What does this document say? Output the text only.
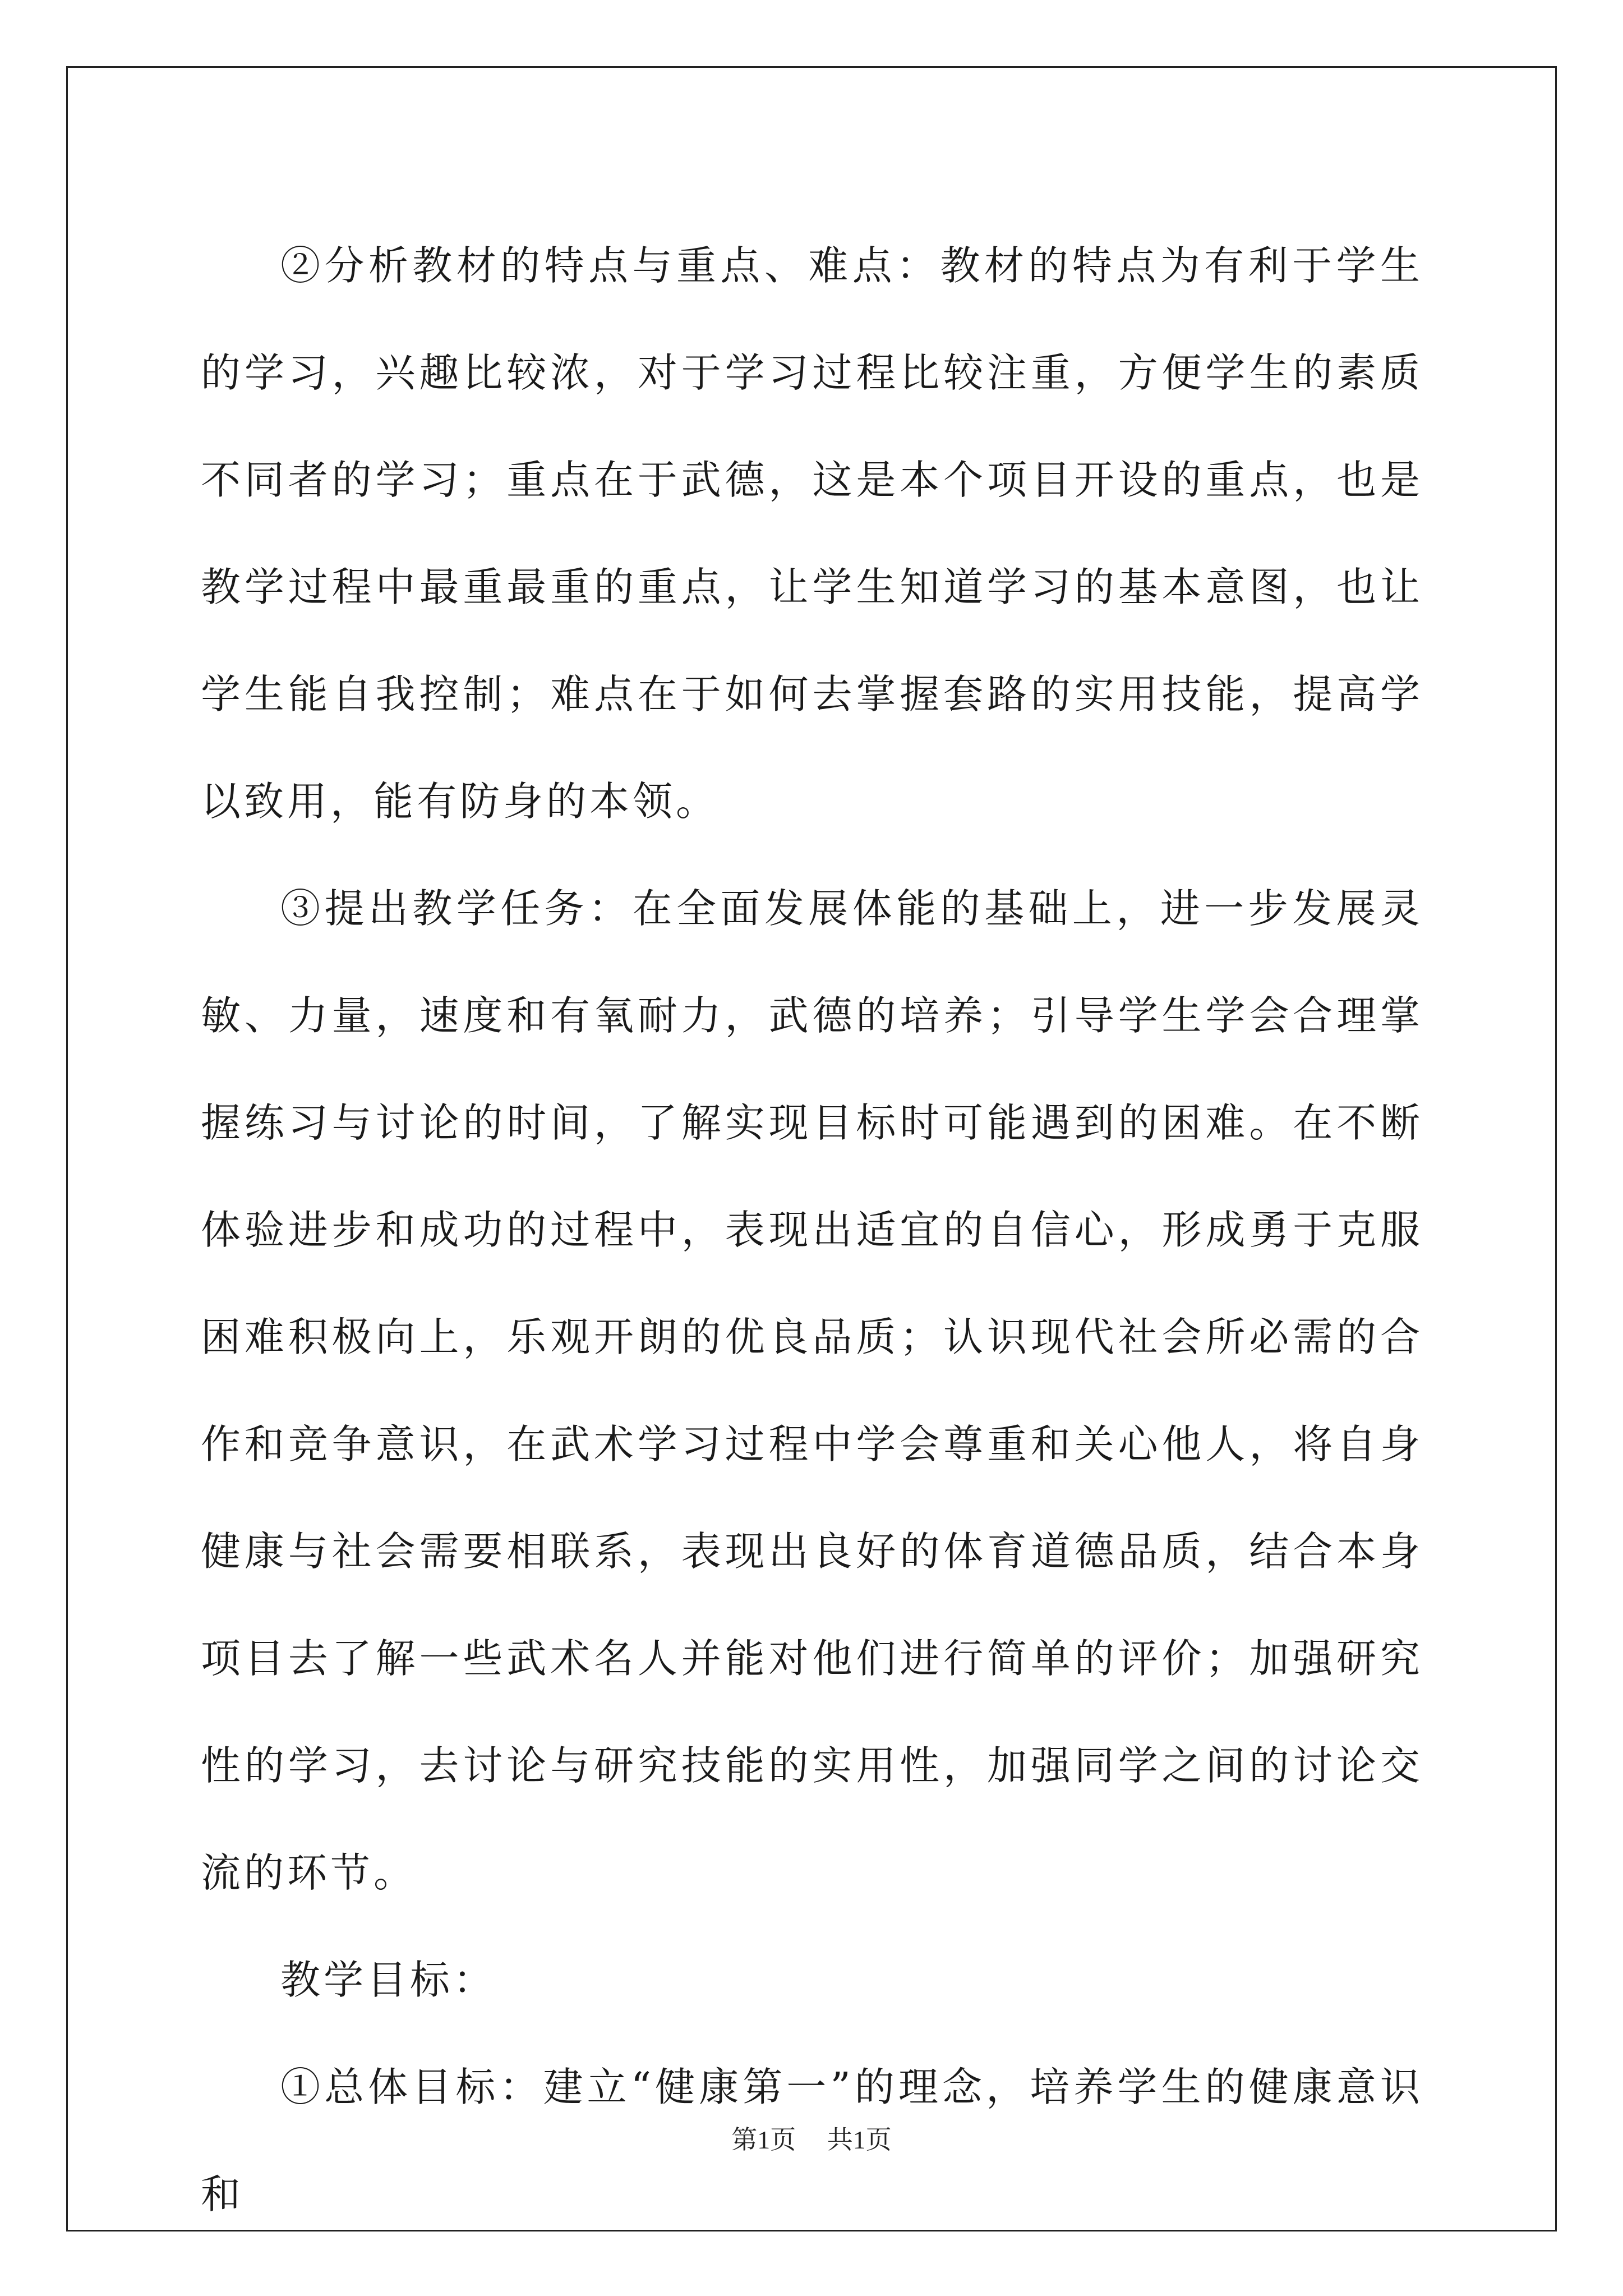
②分析教材的特点与重点、难点：教材的特点为有利于学生的学习，兴趣比较浓，对于学习过程比较注重，方便学生的素质不同者的学习；重点在于武德，这是本个项目开设的重点，也是教学过程中最重最重的重点，让学生知道学习的基本意图，也让学生能自我控制；难点在于如何去掌握套路的实用技能，提高学以致用，能有防身的本领。

③提出教学任务：在全面发展体能的基础上，进一步发展灵敏、力量，速度和有氧耐力，武德的培养；引导学生学会合理掌握练习与讨论的时间，了解实现目标时可能遇到的困难。在不断体验进步和成功的过程中，表现出适宜的自信心，形成勇于克服困难积极向上，乐观开朗的优良品质；认识现代社会所必需的合作和竞争意识，在武术学习过程中学会尊重和关心他人，将自身健康与社会需要相联系，表现出良好的体育道德品质，结合本身项目去了解一些武术名人并能对他们进行简单的评价；加强研究性的学习，去讨论与研究技能的实用性，加强同学之间的讨论交流的环节。

教学目标：

①总体目标：建立“健康第一”的理念，培养学生的健康意识和

第1页 共1页
